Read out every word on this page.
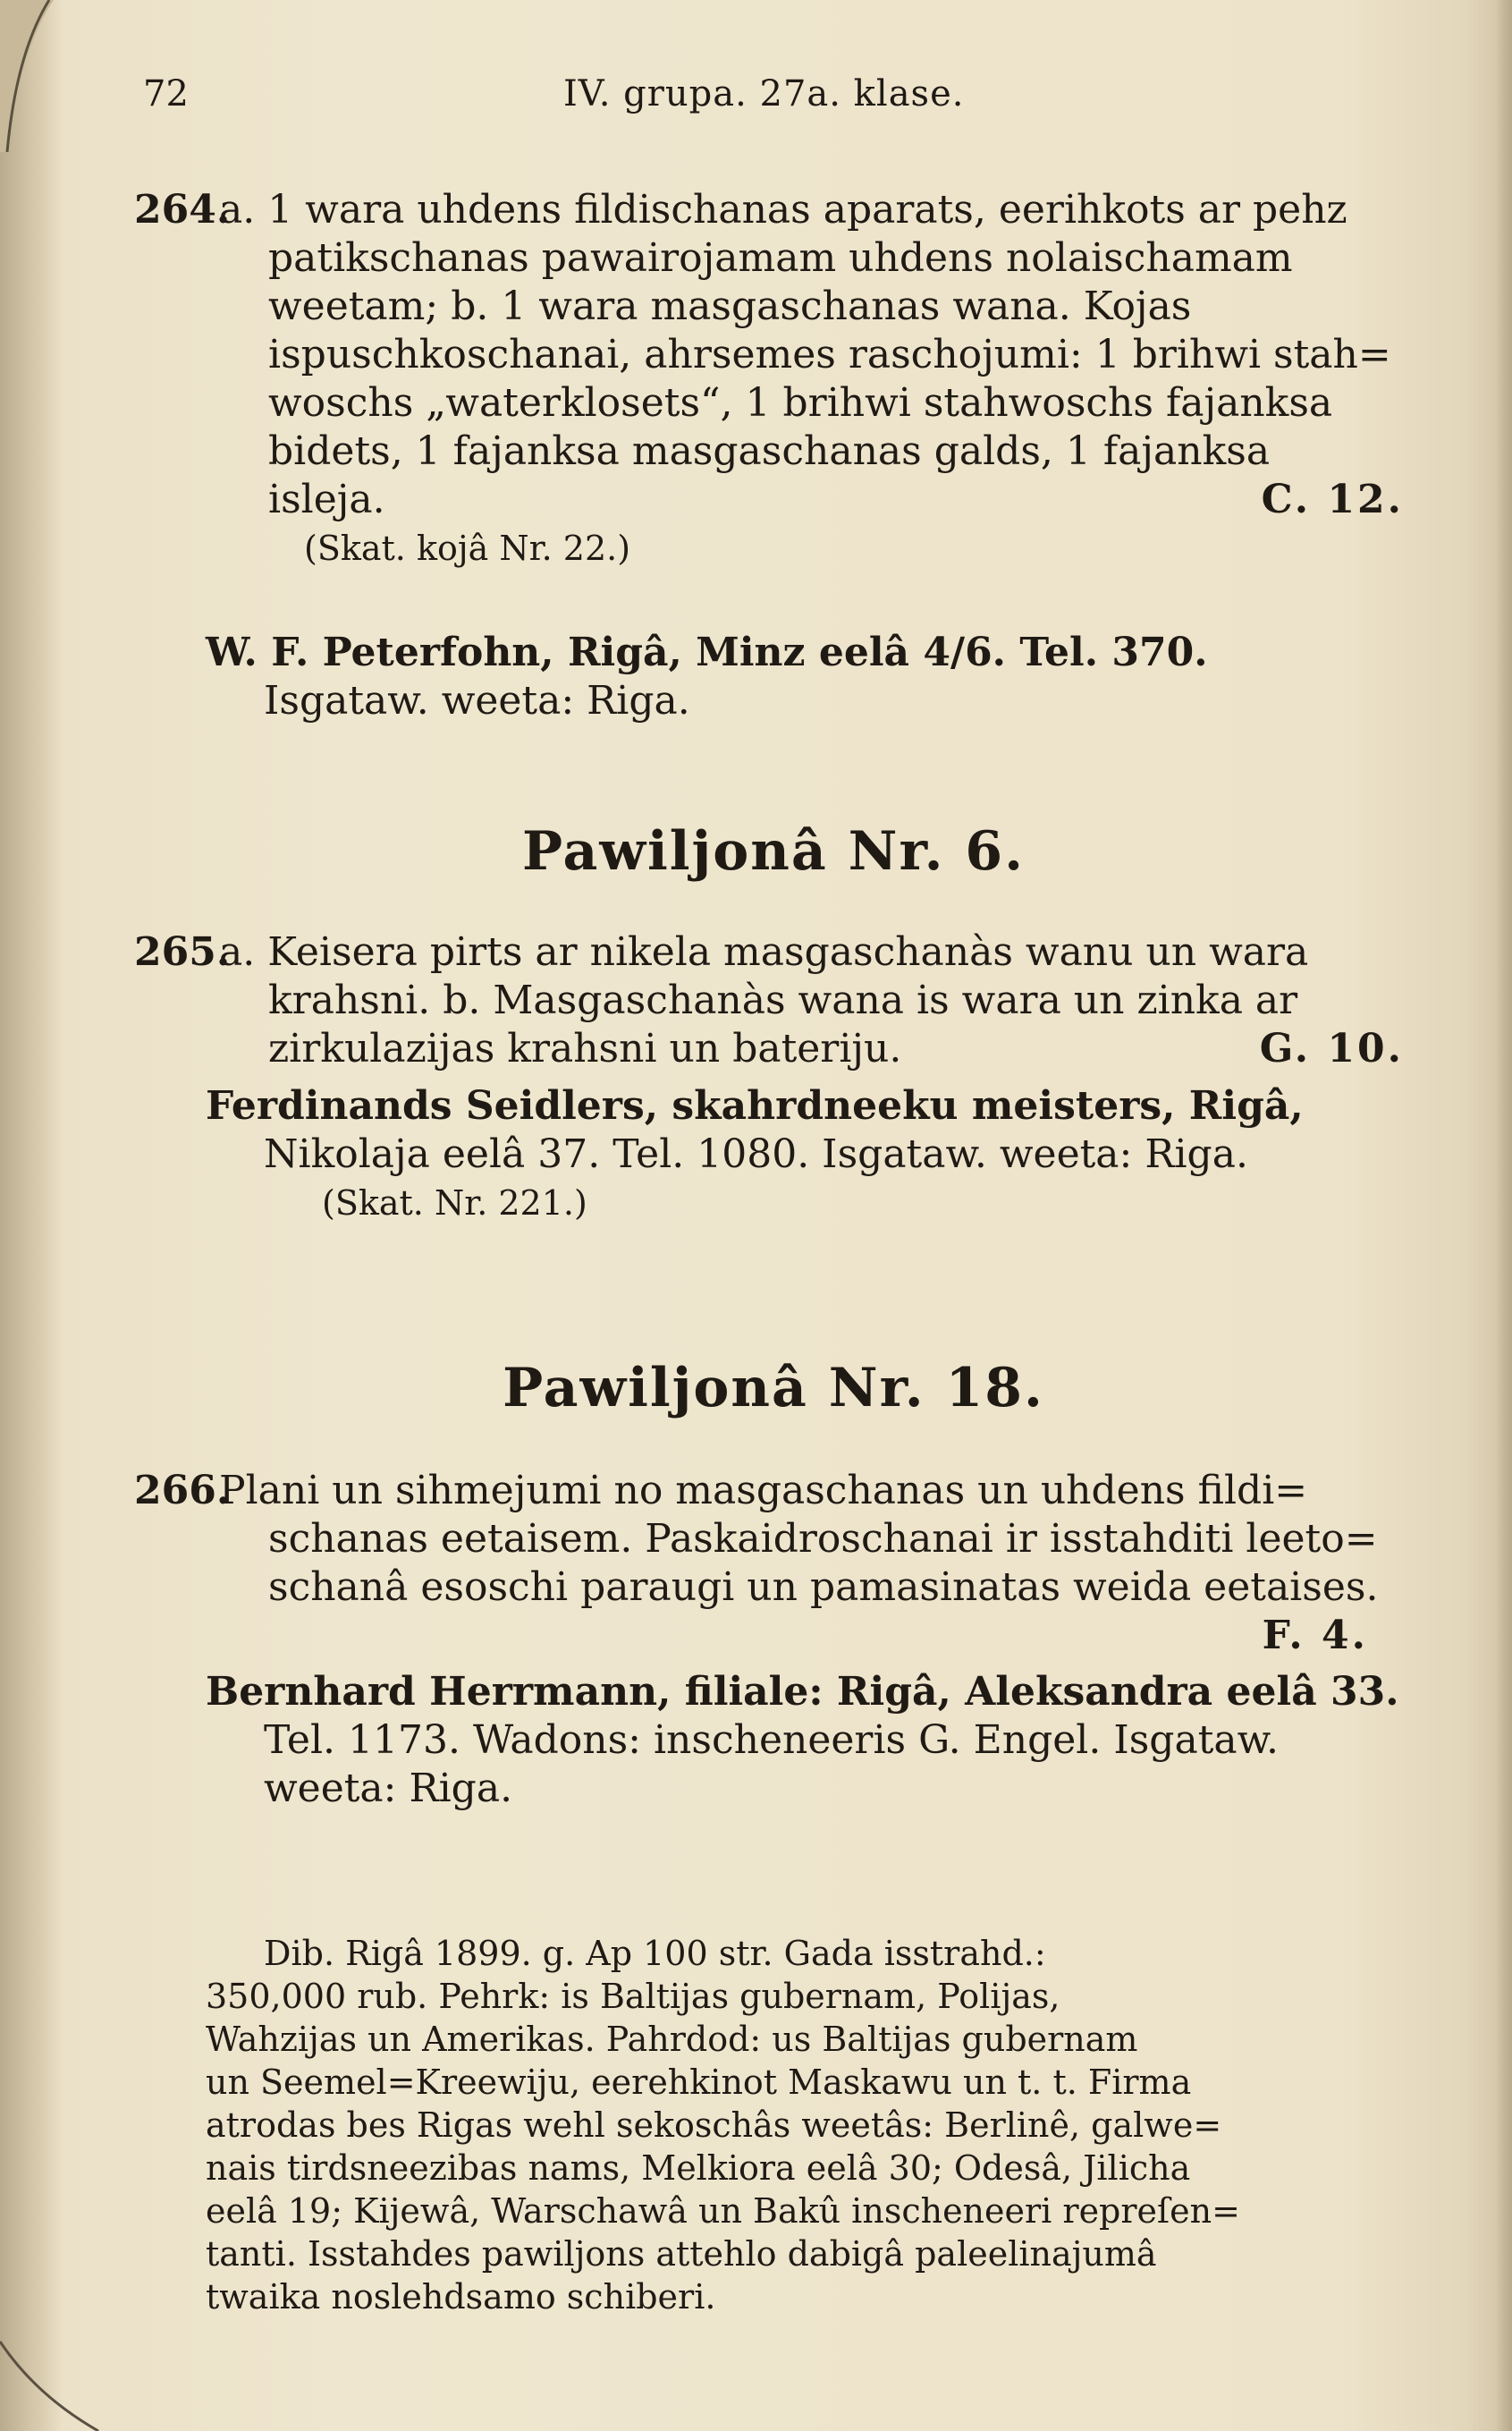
72	IV. grupa. 27a. klase.

264.

a. 1 wara uhdens fildischanas aparats, eerihkots ar pehz

patikschanas pawairojamam uhdens nolaischamam

weetam; b. 1 wara masgaschanas wana. Kojas

ispuschkoschanai, ahrsemes raschojumi: 1 brihwi stah=

woschs „waterklosets“, 1 brihwi stahwoschs fajanksa

bidets, 1 fajanksa masgaschanas galds, 1 fajanksa

isleja.	C. 12.

(Skat. kojâ Nr. 22.)

W. F. Peterfohn, Rigâ, Minz eelâ 4/6. Tel. 370.

Isgataw. weeta: Riga.

Pawiljonâ Nr. 6.

265.

a. Keisera pirts ar nikela masgaschanàs wanu un wara

krahsni. b. Masgaschanàs wana is wara un zinka ar

zirkulazijas krahsni un bateriju.	G. 10.

Ferdinands Seidlers, skahrdneeku meisters, Rigâ,

Nikolaja eelâ 37. Tel. 1080. Isgataw. weeta: Riga.

(Skat. Nr. 221.)

Pawiljonâ Nr. 18.

266.

Plani un sihmejumi no masgaschanas un uhdens fildi=

schanas eetaisem. Paskaidroschanai ir isstahditi leeto=

schanâ esoschi paraugi un pamasinatas weida eetaises.

F. 4.

Bernhard Herrmann, filiale: Rigâ, Aleksandra eelâ 33.

Tel. 1173. Wadons: inscheneeris G. Engel. Isgataw.

weeta: Riga.

Dib. Rigâ 1899. g. Ap 100 str. Gada isstrahd.:

350,000 rub. Pehrk: is Baltijas gubernam, Polijas,

Wahzijas un Amerikas. Pahrdod: us Baltijas gubernam

un Seemel=Kreewiju, eerehkinot Maskawu un t. t. Firma

atrodas bes Rigas wehl sekoschâs weetâs: Berlinê, galwe=

nais tirdsneezibas nams, Melkiora eelâ 30; Odesâ, Jilicha

eelâ 19; Kijewâ, Warschawâ un Bakû inscheneeri repreſen=

tanti. Isstahdes pawiljons attehlo dabigâ paleelinajumâ

twaika noslehdsamo schiberi.
